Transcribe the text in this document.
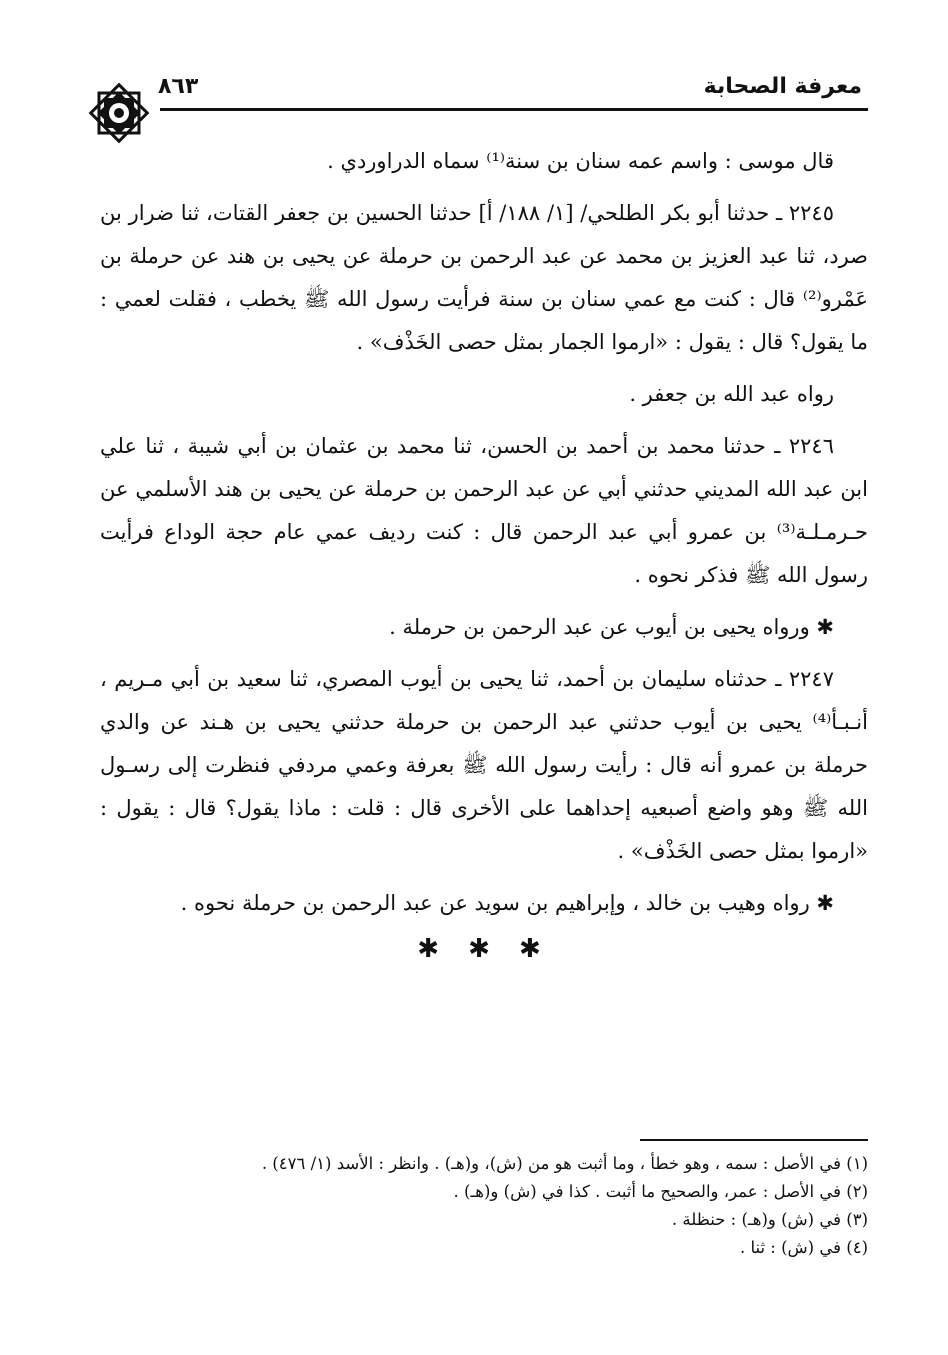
معرفة الصحابة
٨٦٣

قال موسى : واسم عمه سنان بن سنة⁽¹⁾ سماه الدراوردي .

٢٢٤٥ ـ حدثنا أبو بكر الطلحي/ [١/ ١٨٨/ أ] حدثنا الحسين بن جعفر القتات، ثنا ضرار بن صرد، ثنا عبد العزيز بن محمد عن عبد الرحمن بن حرملة عن يحيى بن هند عن حرملة بن عَمْرو⁽²⁾ قال : كنت مع عمي سنان بن سنة فرأيت رسول الله ﷺ يخطب ، فقلت لعمي : ما يقول؟ قال : يقول : «ارموا الجمار بمثل حصى الخَذْف» .

رواه عبد الله بن جعفر .

٢٢٤٦ ـ حدثنا محمد بن أحمد بن الحسن، ثنا محمد بن عثمان بن أبي شيبة ، ثنا علي ابن عبد الله المديني حدثني أبي عن عبد الرحمن بن حرملة عن يحيى بن هند الأسلمي عن حـرمـلـة⁽³⁾ بن عمرو أبي عبد الرحمن قال : كنت رديف عمي عام حجة الوداع فرأيت رسول الله ﷺ فذكر نحوه .

✱ ورواه يحيى بن أيوب عن عبد الرحمن بن حرملة .

٢٢٤٧ ـ حدثناه سليمان بن أحمد، ثنا يحيى بن أيوب المصري، ثنا سعيد بن أبي مـريم ، أنـبـأ⁽⁴⁾ يحيى بن أيوب حدثني عبد الرحمن بن حرملة حدثني يحيى بن هـند عن والدي حرملة بن عمرو أنه قال : رأيت رسول الله ﷺ بعرفة وعمي مردفي فنظرت إلى رسـول الله ﷺ وهو واضع أصبعيه إحداهما على الأخرى قال : قلت : ماذا يقول؟ قال : يقول : «ارموا بمثل حصى الخَذْف» .

✱ رواه وهيب بن خالد ، وإبراهيم بن سويد عن عبد الرحمن بن حرملة نحوه .

✱ ✱ ✱
(١) في الأصل : سمه ، وهو خطأ ، وما أثبت هو من (ش)، و(هـ) . وانظر : الأسد (١/ ٤٧٦) .
(٢) في الأصل : عمر، والصحيح ما أثبت . كذا في (ش) و(هـ) .
(٣) في (ش) و(هـ) : حنظلة .
(٤) في (ش) : ثنا .
